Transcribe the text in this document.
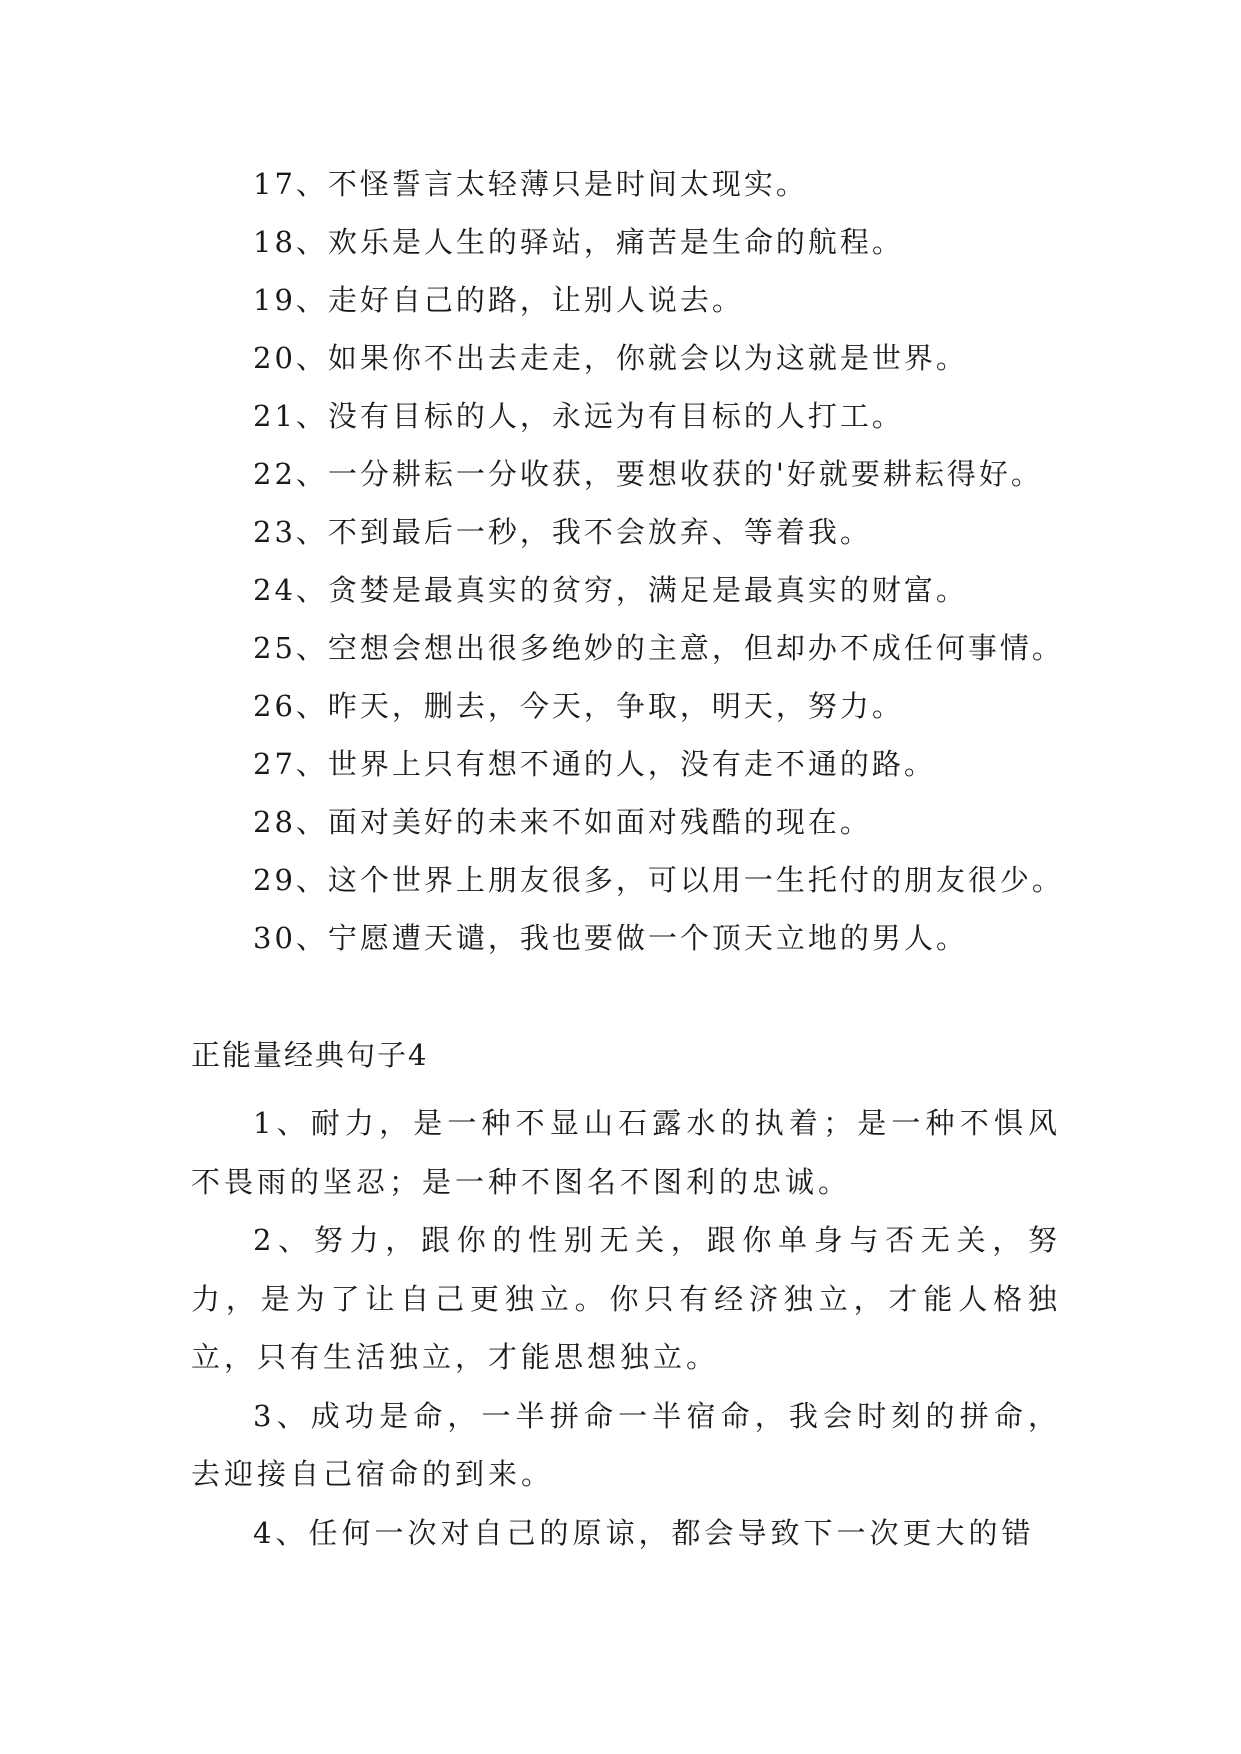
17、不怪誓言太轻薄只是时间太现实。
18、欢乐是人生的驿站，痛苦是生命的航程。
19、走好自己的路，让别人说去。
20、如果你不出去走走，你就会以为这就是世界。
21、没有目标的人，永远为有目标的人打工。
22、一分耕耘一分收获，要想收获的'好就要耕耘得好。
23、不到最后一秒，我不会放弃、等着我。
24、贪婪是最真实的贫穷，满足是最真实的财富。
25、空想会想出很多绝妙的主意，但却办不成任何事情。
26、昨天，删去，今天，争取，明天，努力。
27、世界上只有想不通的人，没有走不通的路。
28、面对美好的未来不如面对残酷的现在。
29、这个世界上朋友很多，可以用一生托付的朋友很少。
30、宁愿遭天谴，我也要做一个顶天立地的男人。
正能量经典句子4

1、耐力，是一种不显山石露水的执着；是一种不惧风不畏雨的坚忍；是一种不图名不图利的忠诚。

2、努力，跟你的性别无关，跟你单身与否无关，努力，是为了让自己更独立。你只有经济独立，才能人格独立，只有生活独立，才能思想独立。

3、成功是命，一半拼命一半宿命，我会时刻的拼命，去迎接自己宿命的到来。

4、任何一次对自己的原谅，都会导致下一次更大的错
